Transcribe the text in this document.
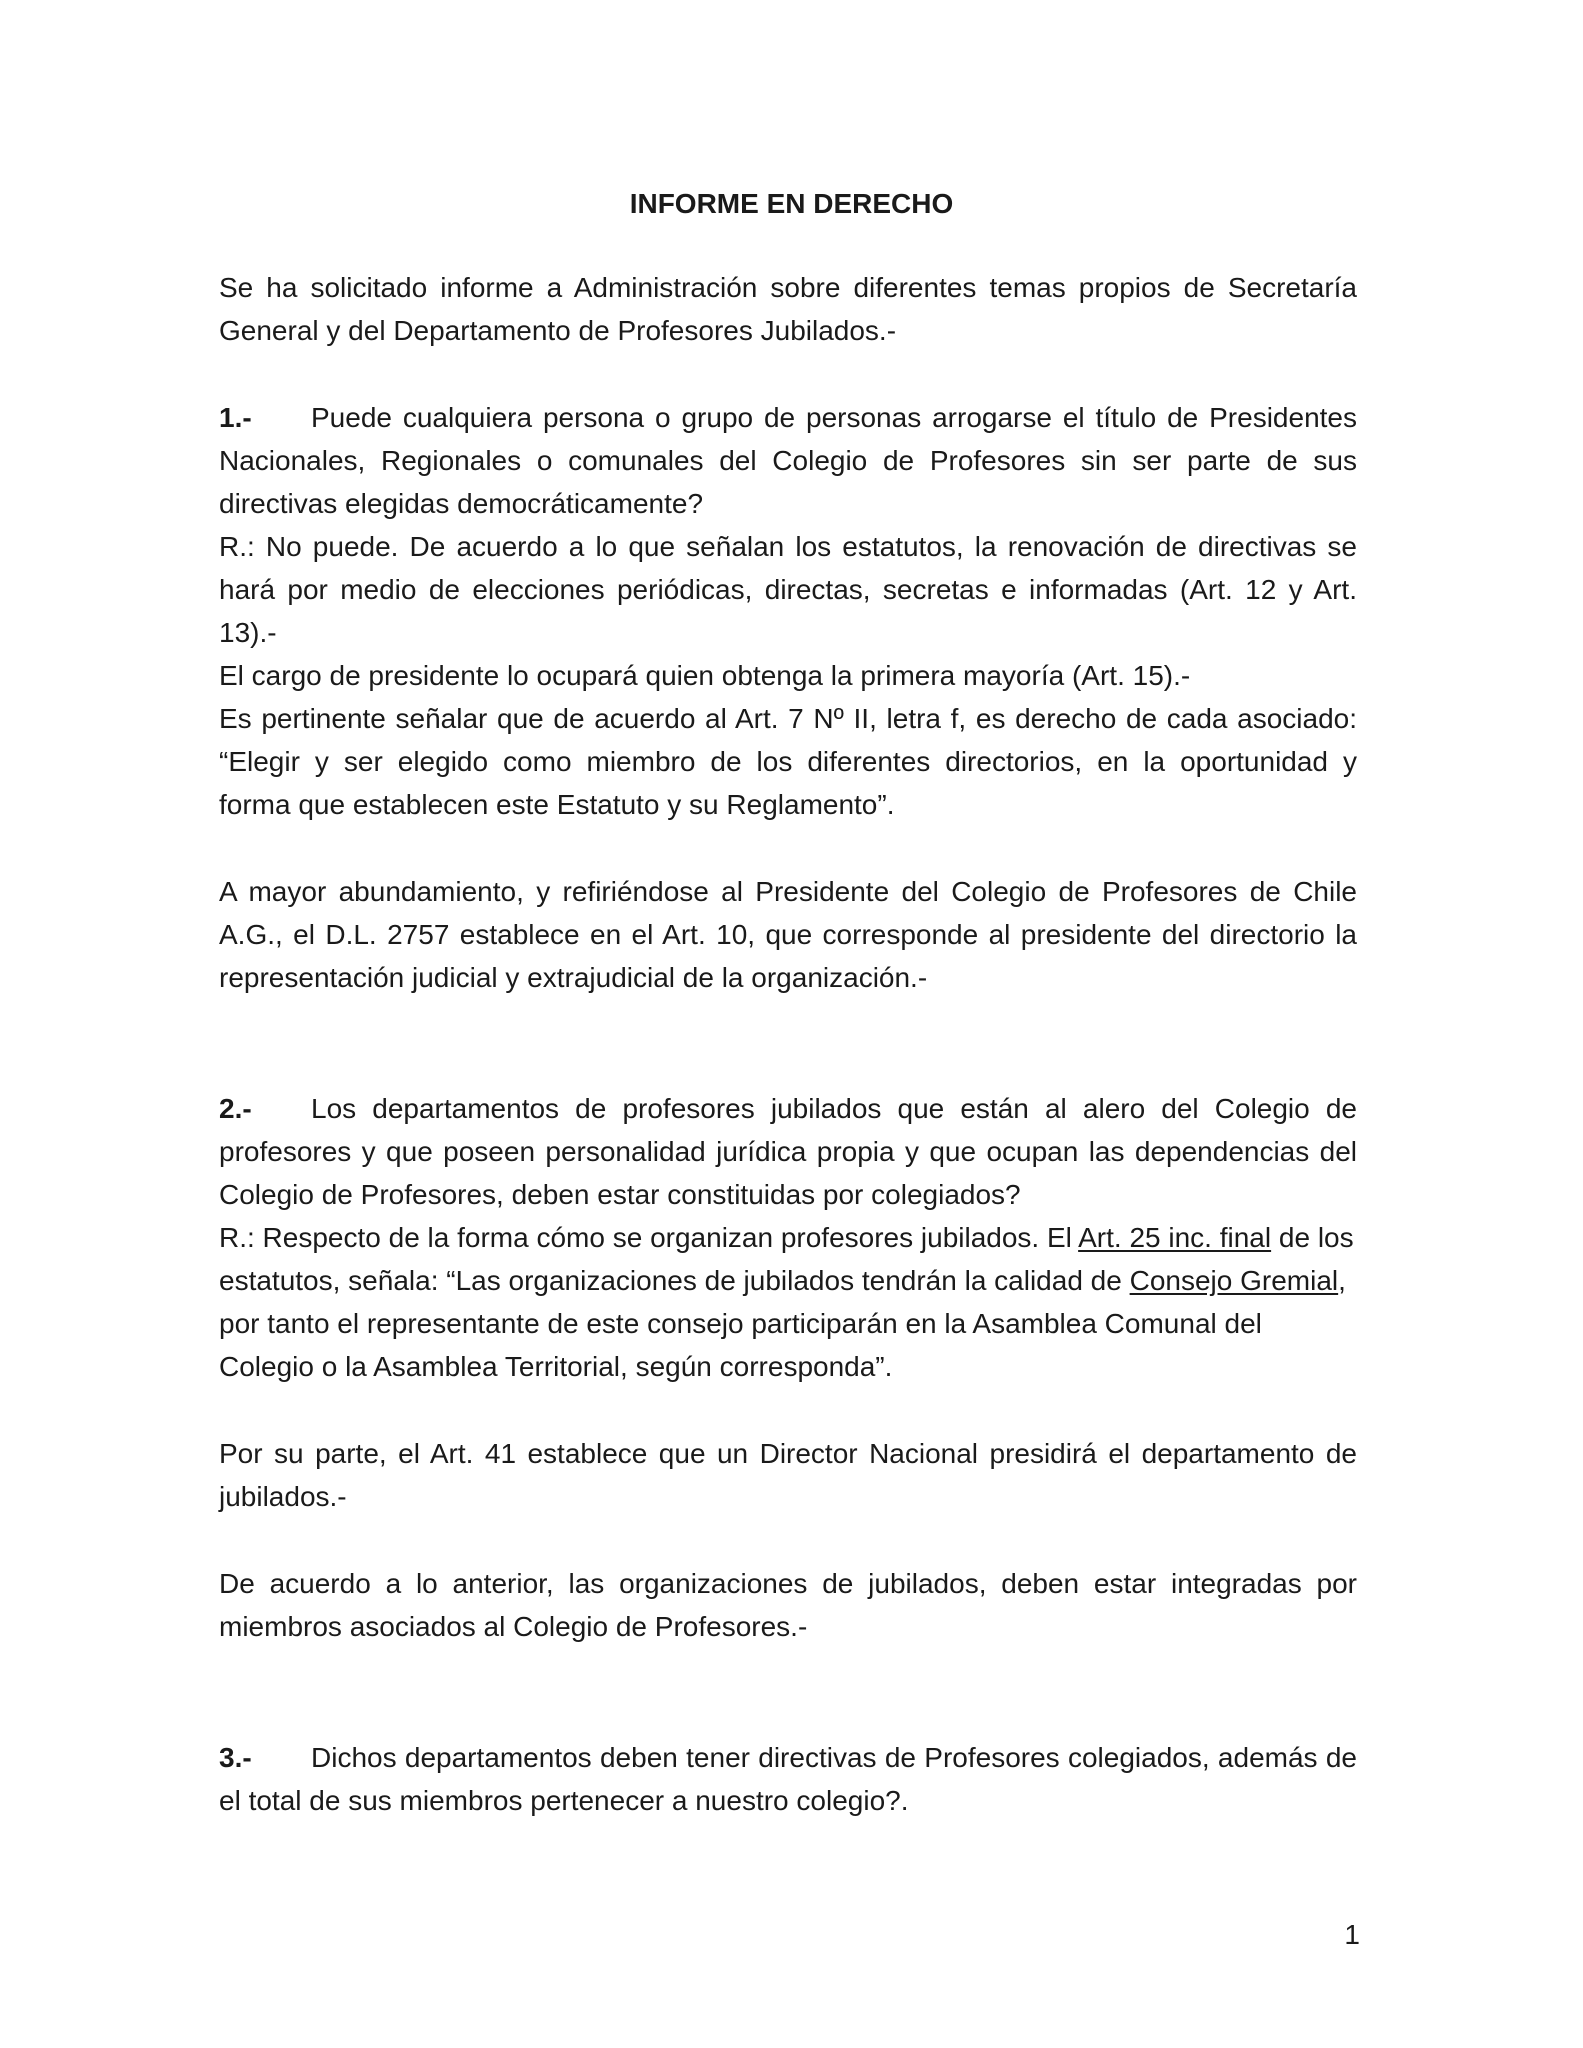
INFORME EN DERECHO
Se ha solicitado informe a Administración sobre diferentes temas propios de Secretaría
General y del Departamento de Profesores Jubilados.-
1.- Puede cualquiera persona o grupo de personas arrogarse el título de Presidentes
Nacionales, Regionales o comunales del Colegio de Profesores sin ser parte de sus
directivas elegidas democráticamente?
R.: No puede. De acuerdo a lo que señalan los estatutos, la renovación de directivas se
hará por medio de elecciones periódicas, directas, secretas e informadas (Art. 12 y Art.
13).-
El cargo de presidente lo ocupará quien obtenga la primera mayoría (Art. 15).-
Es pertinente señalar que de acuerdo al Art. 7 Nº II, letra f, es derecho de cada asociado:
“Elegir y ser elegido como miembro de los diferentes directorios, en la oportunidad y
forma que establecen este Estatuto y su Reglamento”.
A mayor abundamiento, y refiriéndose al Presidente del Colegio de Profesores de Chile
A.G., el D.L. 2757 establece en el Art. 10, que corresponde al presidente del directorio la
representación judicial y extrajudicial de la organización.-
2.- Los departamentos de profesores jubilados que están al alero del Colegio de
profesores y que poseen personalidad jurídica propia y que ocupan las dependencias del
Colegio de Profesores, deben estar constituidas por colegiados?
R.: Respecto de la forma cómo se organizan profesores jubilados. El Art. 25 inc. final de los
estatutos, señala: “Las organizaciones de jubilados tendrán la calidad de Consejo Gremial,
por tanto el representante de este consejo participarán en la Asamblea Comunal del
Colegio o la Asamblea Territorial, según corresponda”.
Por su parte, el Art. 41 establece que un Director Nacional presidirá el departamento de
jubilados.-
De acuerdo a lo anterior, las organizaciones de jubilados, deben estar integradas por
miembros asociados al Colegio de Profesores.-
3.- Dichos departamentos deben tener directivas de Profesores colegiados, además de
el total de sus miembros pertenecer a nuestro colegio?.
1
